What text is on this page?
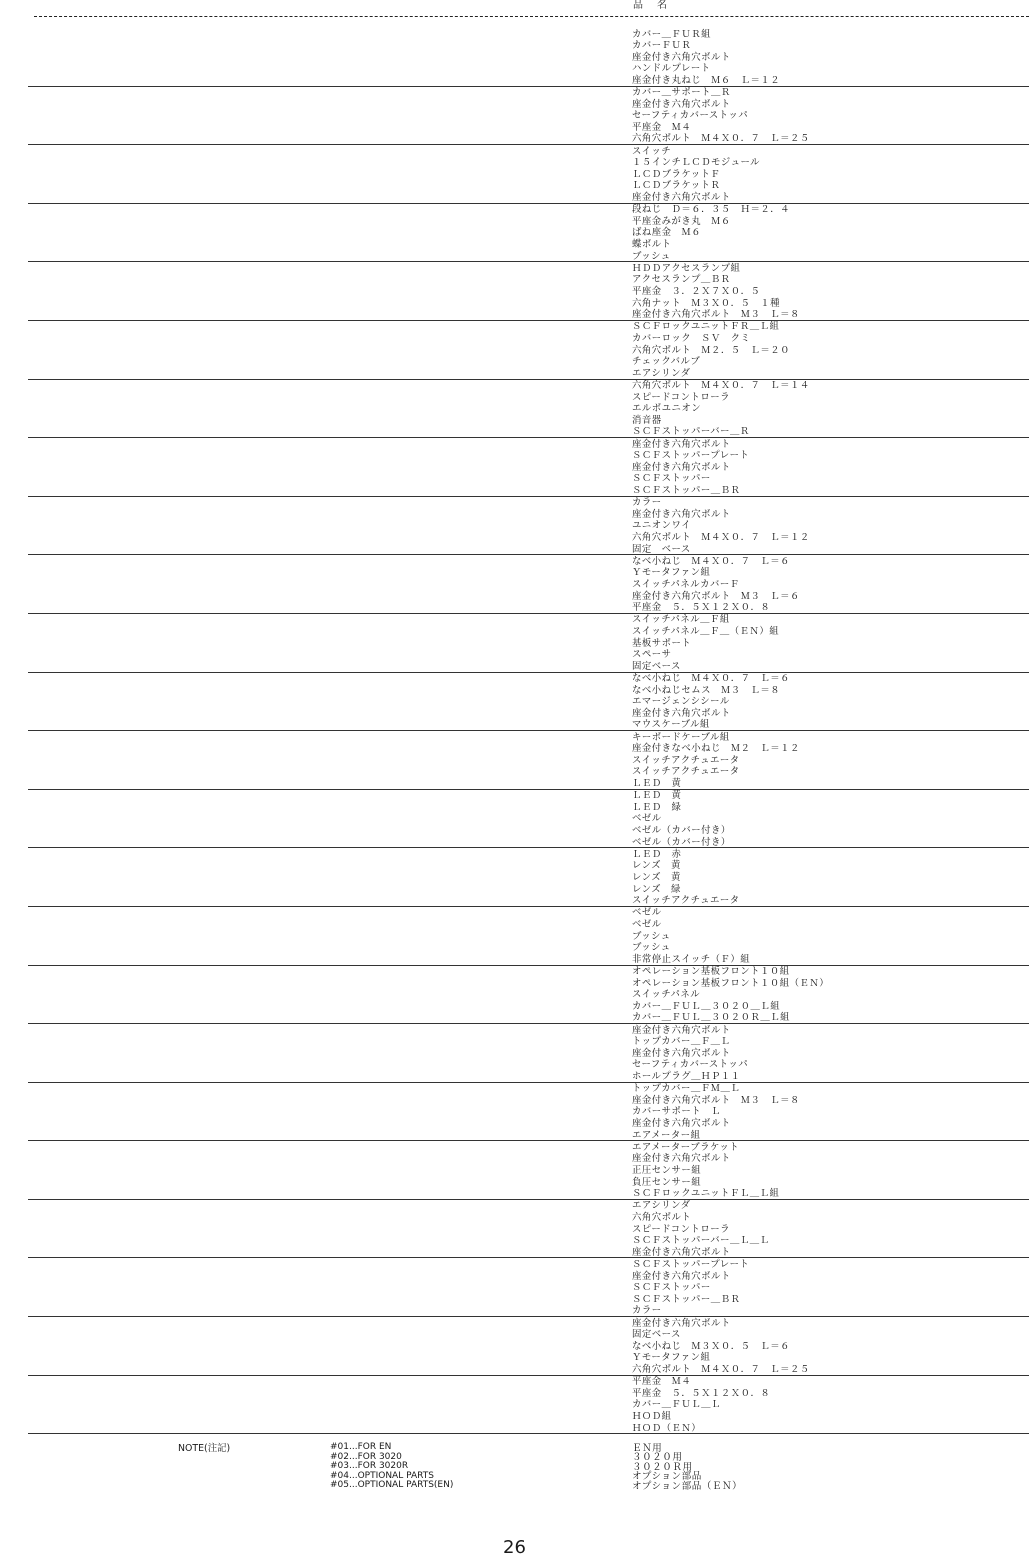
品　名
カバー＿ＦＵＲ組
カバーＦＵＲ
座金付き六角穴ボルト
ハンドルプレート
座金付き丸ねじ　Ｍ６　Ｌ＝１２
カバー＿サポート＿Ｒ
座金付き六角穴ボルト
セーフティカバーストッパ
平座金　Ｍ４
六角穴ボルト　Ｍ４Ｘ０．７　Ｌ＝２５
スイッチ
１５インチＬＣＤモジュール
ＬＣＤブラケットＦ
ＬＣＤブラケットＲ
座金付き六角穴ボルト
段ねじ　Ｄ＝６．３５　Ｈ＝２．４
平座金みがき丸　Ｍ６
ばね座金　Ｍ６
蝶ボルト
ブッシュ
ＨＤＤアクセスランプ組
アクセスランプ＿ＢＲ
平座金　３．２Ｘ７Ｘ０．５
六角ナット　Ｍ３Ｘ０．５　１種
座金付き六角穴ボルト　Ｍ３　Ｌ＝８
ＳＣＦロックユニットＦＲ＿Ｌ組
カバーロック　ＳＶ　クミ
六角穴ボルト　Ｍ２．５　Ｌ＝２０
チェックバルブ
エアシリンダ
六角穴ボルト　Ｍ４Ｘ０．７　Ｌ＝１４
スピードコントローラ
エルボユニオン
消音器
ＳＣＦストッパーバー＿Ｒ
座金付き六角穴ボルト
ＳＣＦストッパープレート
座金付き六角穴ボルト
ＳＣＦストッパー
ＳＣＦストッパー＿ＢＲ
カラー
座金付き六角穴ボルト
ユニオンワイ
六角穴ボルト　Ｍ４Ｘ０．７　Ｌ＝１２
固定　ベース
なべ小ねじ　Ｍ４Ｘ０．７　Ｌ＝６
Ｙモータファン組
スイッチパネルカバーＦ
座金付き六角穴ボルト　Ｍ３　Ｌ＝６
平座金　５．５Ｘ１２Ｘ０．８
スイッチパネル＿Ｆ組
スイッチパネル＿Ｆ＿（ＥＮ）組
基板サポート
スペーサ
固定ベース
なべ小ねじ　Ｍ４Ｘ０．７　Ｌ＝６
なべ小ねじセムス　Ｍ３　Ｌ＝８
エマージェンシシール
座金付き六角穴ボルト
マウスケーブル組
キーボードケーブル組
座金付きなべ小ねじ　Ｍ２　Ｌ＝１２
スイッチアクチュエータ
スイッチアクチュエータ
ＬＥＤ　黄
ＬＥＤ　黄
ＬＥＤ　緑
ベゼル
ベゼル（カバー付き）
ベゼル（カバー付き）
ＬＥＤ　赤
レンズ　黄
レンズ　黄
レンズ　緑
スイッチアクチュエータ
ベゼル
ベゼル
ブッシュ
ブッシュ
非常停止スイッチ（Ｆ）組
オペレーション基板フロント１０組
オペレーション基板フロント１０組（ＥＮ）
スイッチパネル
カバー＿ＦＵＬ＿３０２０＿Ｌ組
カバー＿ＦＵＬ＿３０２０Ｒ＿Ｌ組
座金付き六角穴ボルト
トップカバー＿Ｆ＿Ｌ
座金付き六角穴ボルト
セーフティカバーストッパ
ホールプラグ＿ＨＰ１１
トップカバー＿ＦＭ＿Ｌ
座金付き六角穴ボルト　Ｍ３　Ｌ＝８
カバーサポート　Ｌ
座金付き六角穴ボルト
エアメーター組
エアメーターブラケット
座金付き六角穴ボルト
正圧センサー組
負圧センサー組
ＳＣＦロックユニットＦＬ＿Ｌ組
エアシリンダ
六角穴ボルト
スピードコントローラ
ＳＣＦストッパーバー＿Ｌ＿Ｌ
座金付き六角穴ボルト
ＳＣＦストッパープレート
座金付き六角穴ボルト
ＳＣＦストッパー
ＳＣＦストッパー＿ＢＲ
カラー
座金付き六角穴ボルト
固定ベース
なべ小ねじ　Ｍ３Ｘ０．５　Ｌ＝６
Ｙモータファン組
六角穴ボルト　Ｍ４Ｘ０．７　Ｌ＝２５
平座金　Ｍ４
平座金　５．５Ｘ１２Ｘ０．８
カバー＿ＦＵＬ＿Ｌ
ＨＯＤ組
ＨＯＤ（ＥＮ）
NOTE(注記)	#01...FOR EN
#02...FOR 3020
#03...FOR 3020R
#04...OPTIONAL PARTS
#05...OPTIONAL PARTS(EN)
ＥＮ用
３０２０用
３０２０Ｒ用
オプション部品
オプション部品（ＥＮ）
26
